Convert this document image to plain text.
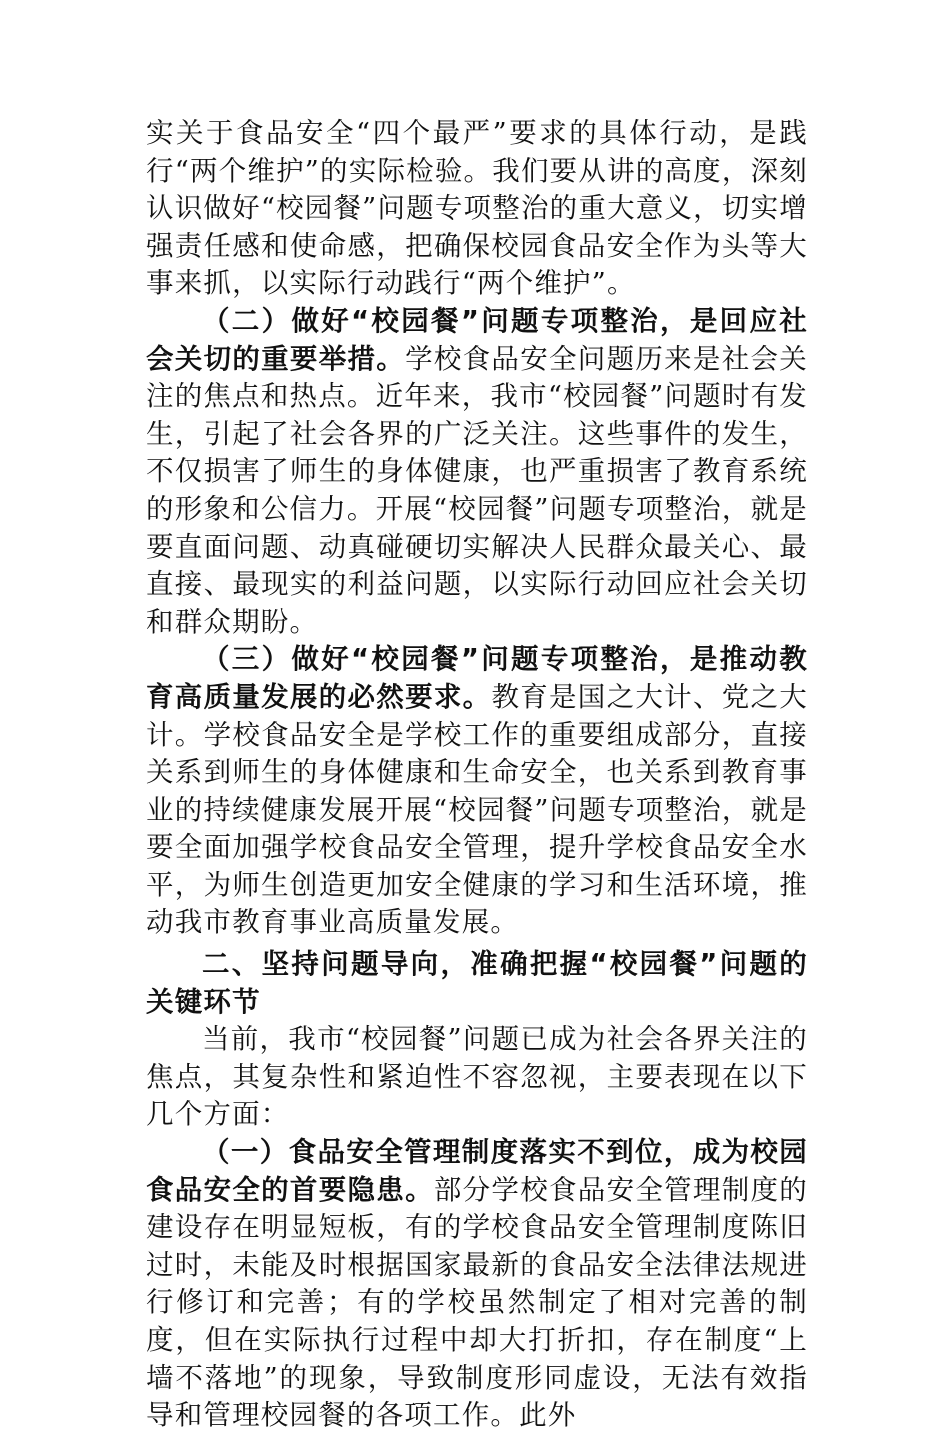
实关于食品安全“四个最严”要求的具体行动，是践行“两个维护”的实际检验。我们要从讲的高度，深刻认识做好“校园餐”问题专项整治的重大意义，切实增强责任感和使命感，把确保校园食品安全作为头等大事来抓，以实际行动践行“两个维护”。

（二）做好“校园餐”问题专项整治，是回应社会关切的重要举措。学校食品安全问题历来是社会关注的焦点和热点。近年来，我市“校园餐”问题时有发生，引起了社会各界的广泛关注。这些事件的发生，不仅损害了师生的身体健康，也严重损害了教育系统的形象和公信力。开展“校园餐”问题专项整治，就是要直面问题、动真碰硬切实解决人民群众最关心、最直接、最现实的利益问题，以实际行动回应社会关切和群众期盼。

（三）做好“校园餐”问题专项整治，是推动教育高质量发展的必然要求。教育是国之大计、党之大计。学校食品安全是学校工作的重要组成部分，直接关系到师生的身体健康和生命安全，也关系到教育事业的持续健康发展开展“校园餐”问题专项整治，就是要全面加强学校食品安全管理，提升学校食品安全水平，为师生创造更加安全健康的学习和生活环境，推动我市教育事业高质量发展。

二、坚持问题导向，准确把握“校园餐”问题的关键环节

当前，我市“校园餐”问题已成为社会各界关注的焦点，其复杂性和紧迫性不容忽视，主要表现在以下几个方面：

（一）食品安全管理制度落实不到位，成为校园食品安全的首要隐患。部分学校食品安全管理制度的建设存在明显短板，有的学校食品安全管理制度陈旧过时，未能及时根据国家最新的食品安全法律法规进行修订和完善；有的学校虽然制定了相对完善的制度，但在实际执行过程中却大打折扣，存在制度“上墙不落地”的现象，导致制度形同虚设，无法有效指导和管理校园餐的各项工作。此外
